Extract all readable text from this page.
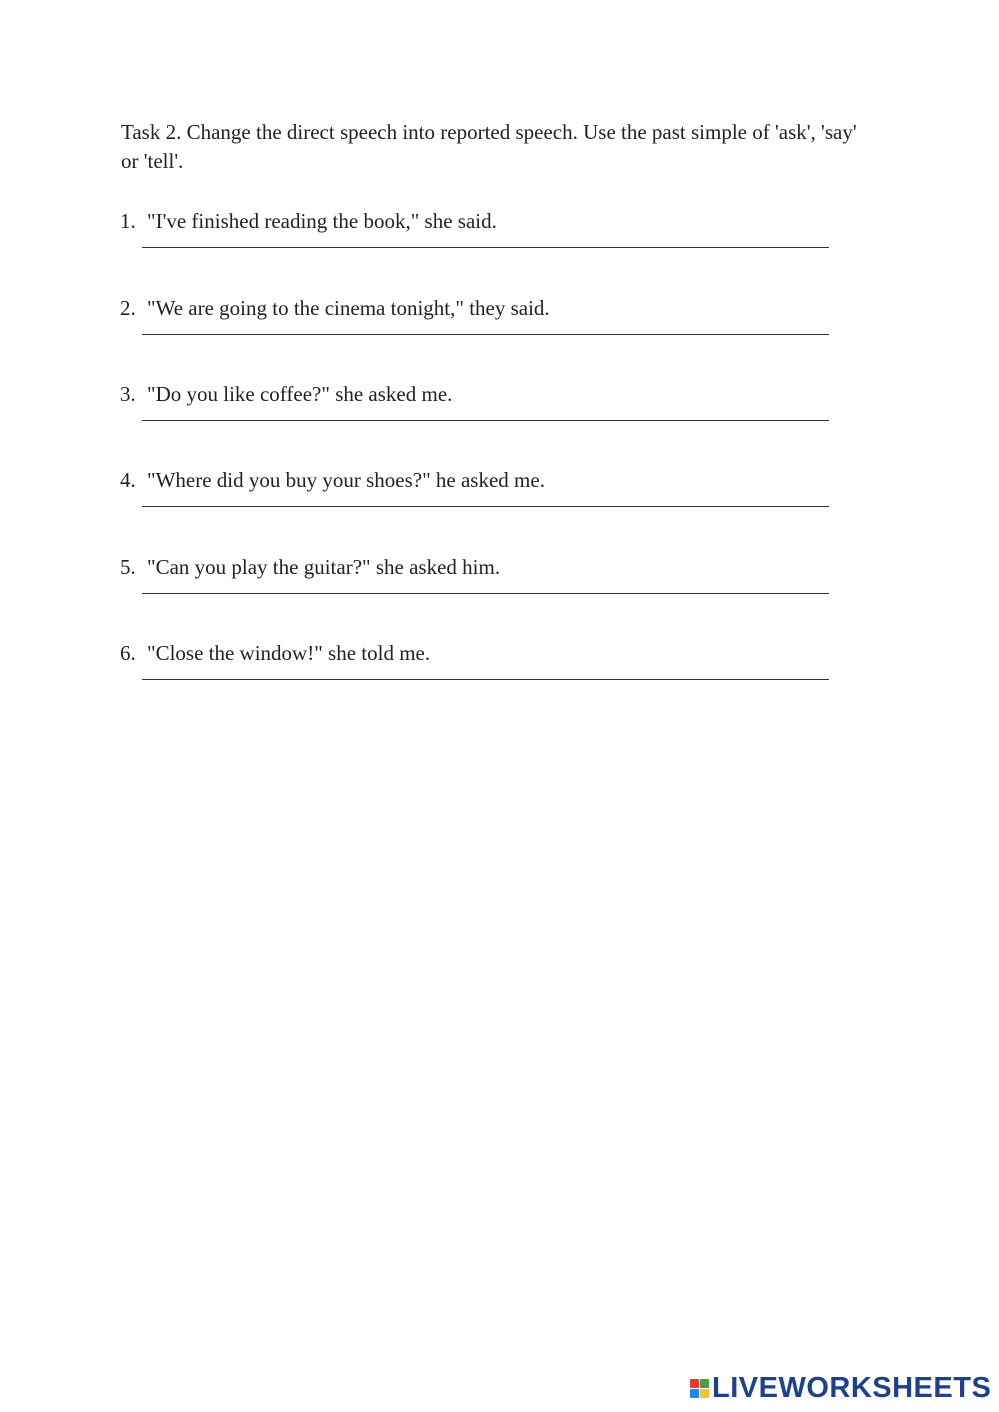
Task 2. Change the direct speech into reported speech. Use the past simple of 'ask', 'say' or 'tell'.

1. "I've finished reading the book," she said.
2. "We are going to the cinema tonight," they said.
3. "Do you like coffee?" she asked me.
4. "Where did you buy your shoes?" he asked me.
5. "Can you play the guitar?" she asked him.
6. "Close the window!" she told me.
LIVEWORKSHEETS
